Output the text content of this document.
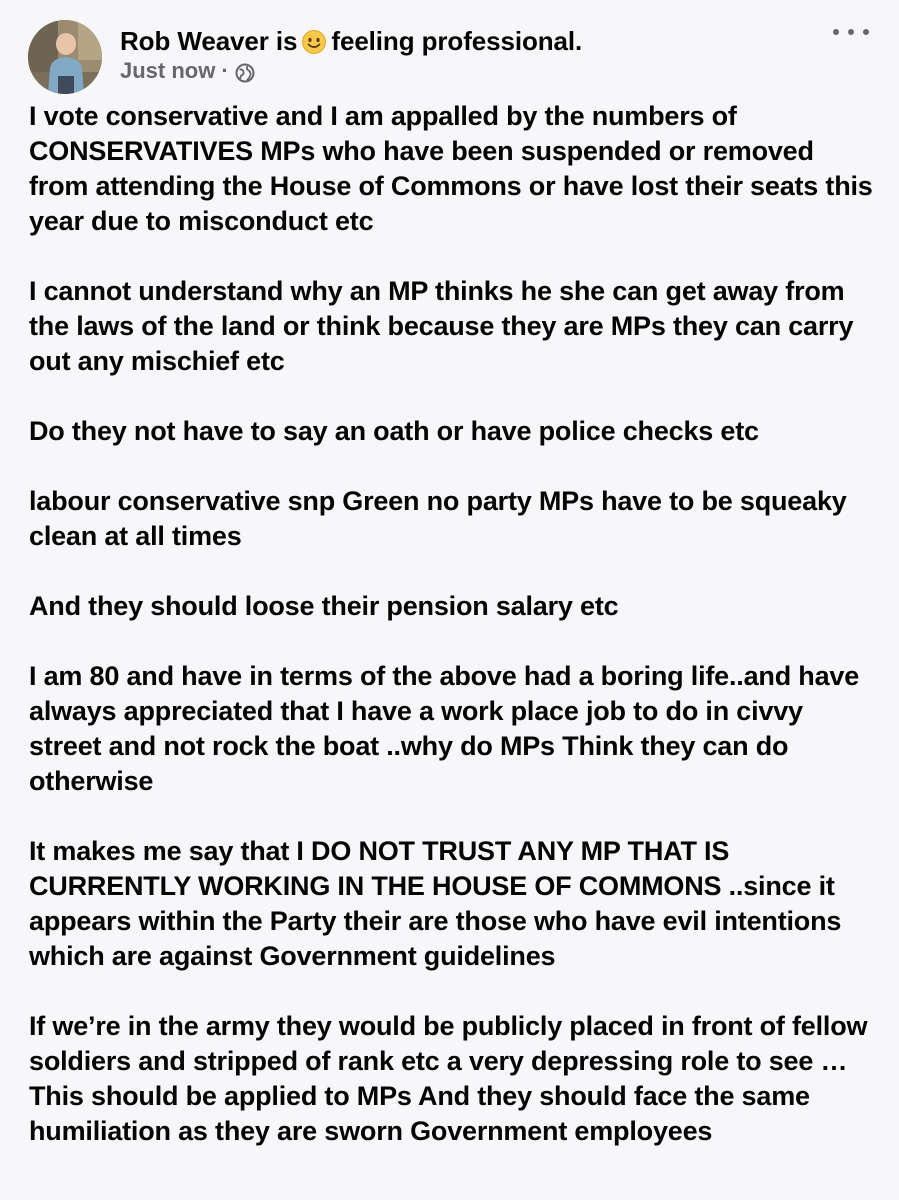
Rob Weaver is feeling professional.
Just now ·

I vote conservative and I am appalled by the numbers of CONSERVATIVES MPs who have been suspended or removed from attending the House of Commons or have lost their seats this year due to misconduct etc

I cannot understand why an MP thinks he she can get away from the laws of the land or think because they are MPs they can carry out any mischief etc

Do they not have to say an oath or have police checks etc

labour conservative snp Green no party MPs have to be squeaky clean at all times

And they should loose their pension salary etc

I am 80 and have in terms of the above had a boring life..and have always appreciated that I have a work place job to do in civvy street and not rock the boat ..why do MPs Think they can do otherwise

It makes me say that I DO NOT TRUST ANY MP THAT IS CURRENTLY WORKING IN THE HOUSE OF COMMONS ..since it appears within the Party their are those who have evil intentions which are against Government guidelines

If we’re in the army they would be publicly placed in front of fellow soldiers and stripped of rank etc a very depressing role to see …This should be applied to MPs And they should face the same humiliation as they are sworn Government employees
